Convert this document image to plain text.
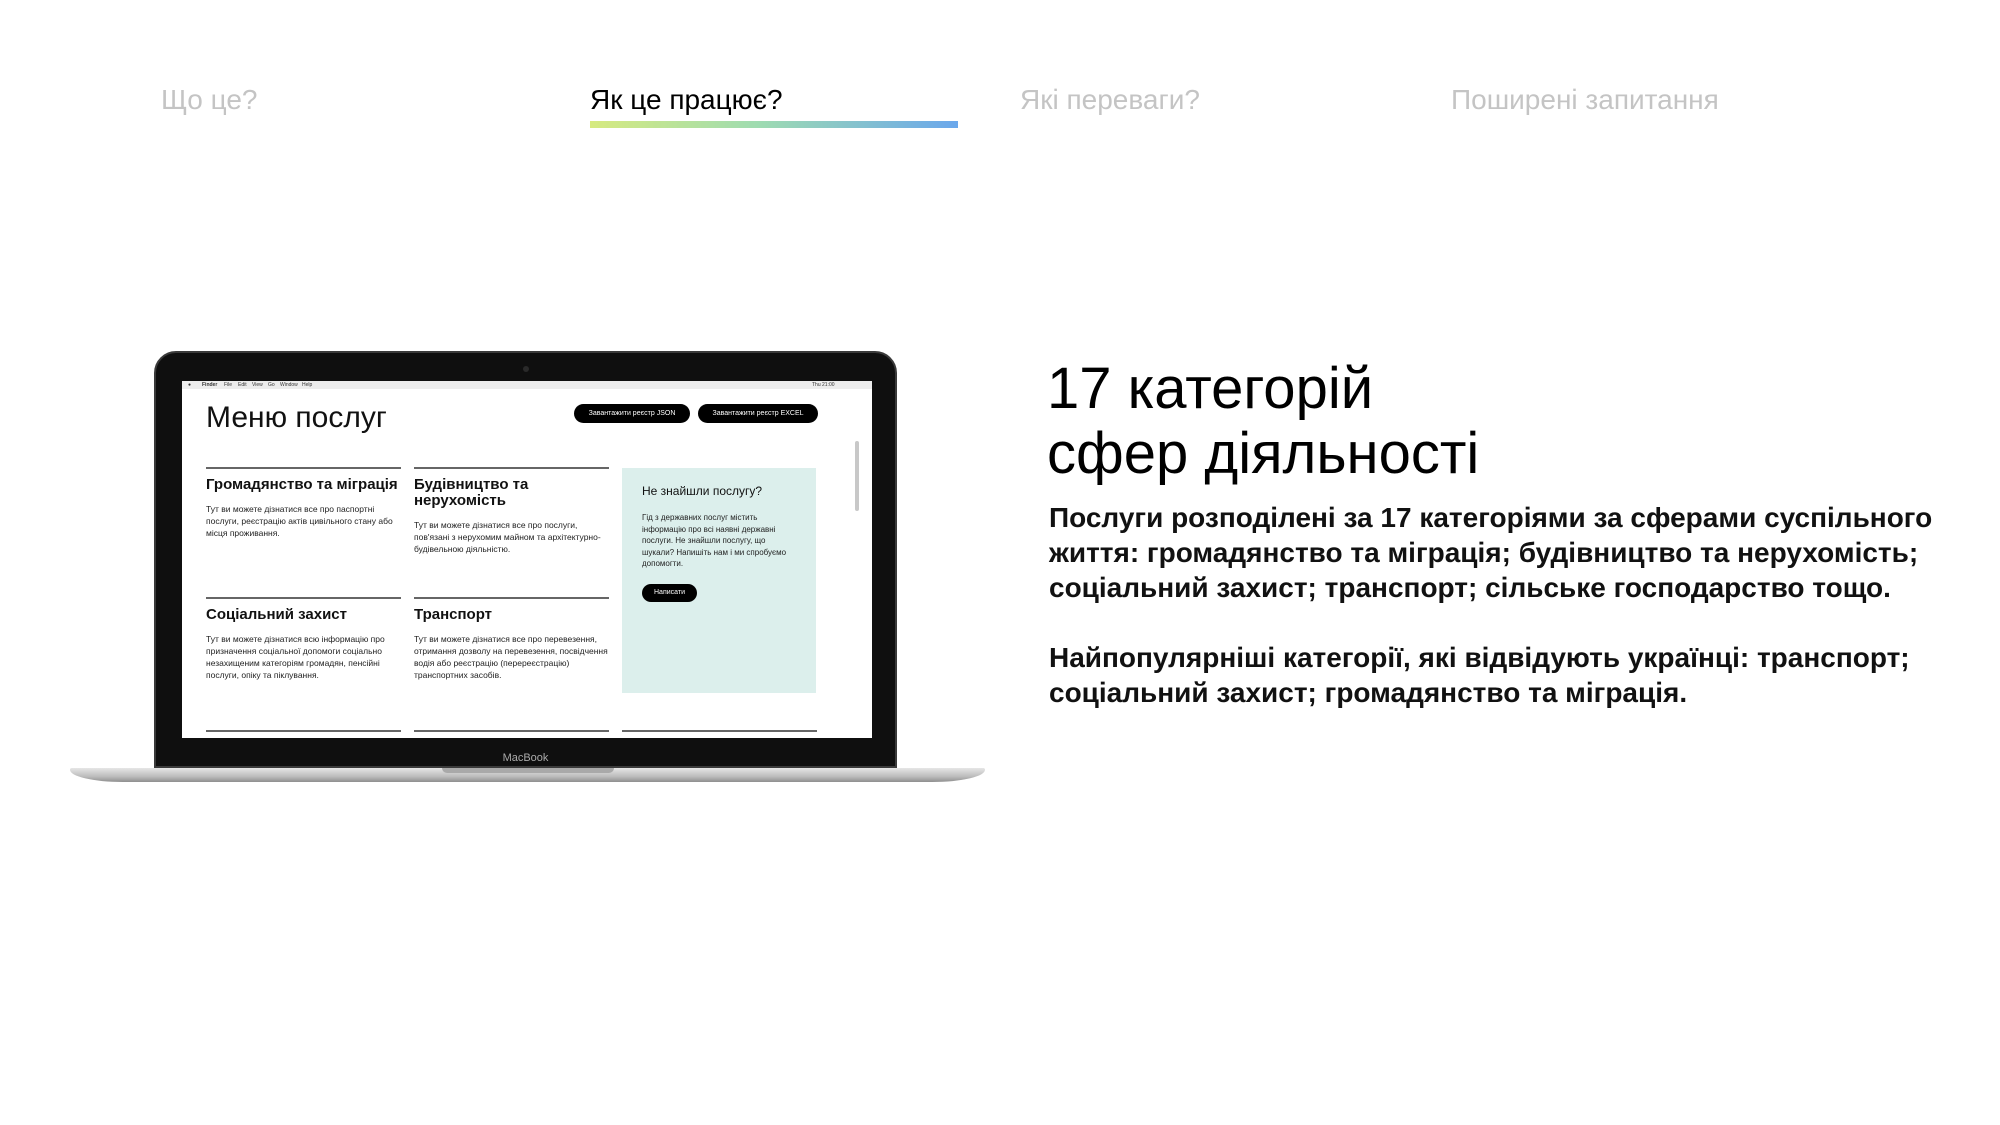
Що це?	Як це працює?	Які переваги?	Поширені запитання
● Finder File Edit View Go Window Help	Thu 21:00
Меню послуг	Завантажити реєстр JSON	Завантажити реєстр EXCEL
Громадянство та міграція
Тут ви можете дізнатися все про паспортні послуги, реєстрацію актів цивільного стану або місця проживання.
Будівництво та нерухомість
Тут ви можете дізнатися все про послуги, пов'язані з нерухомим майном та архітектурно-будівельною діяльністю.
Соціальний захист
Тут ви можете дізнатися всю інформацію про призначення соціальної допомоги соціально незахищеним категоріям громадян, пенсійні послуги, опіку та піклування.
Транспорт
Тут ви можете дізнатися все про перевезення, отримання дозволу на перевезення, посвідчення водія або реєстрацію (перереєстрацію) транспортних засобів.
Не знайшли послугу?
Гід з державних послуг містить інформацію про всі наявні державні послуги. Не знайшли послугу, що шукали? Напишіть нам і ми спробуємо допомогти.
Написати
MacBook
17 категорій
сфер діяльності

Послуги розподілені за 17 категоріями за сферами суспільного життя: громадянство та міграція; будівництво та нерухомість; соціальний захист; транспорт; сільське господарство тощо.

Найпопулярніші категорії, які відвідують українці: транспорт; соціальний захист; громадянство та міграція.
